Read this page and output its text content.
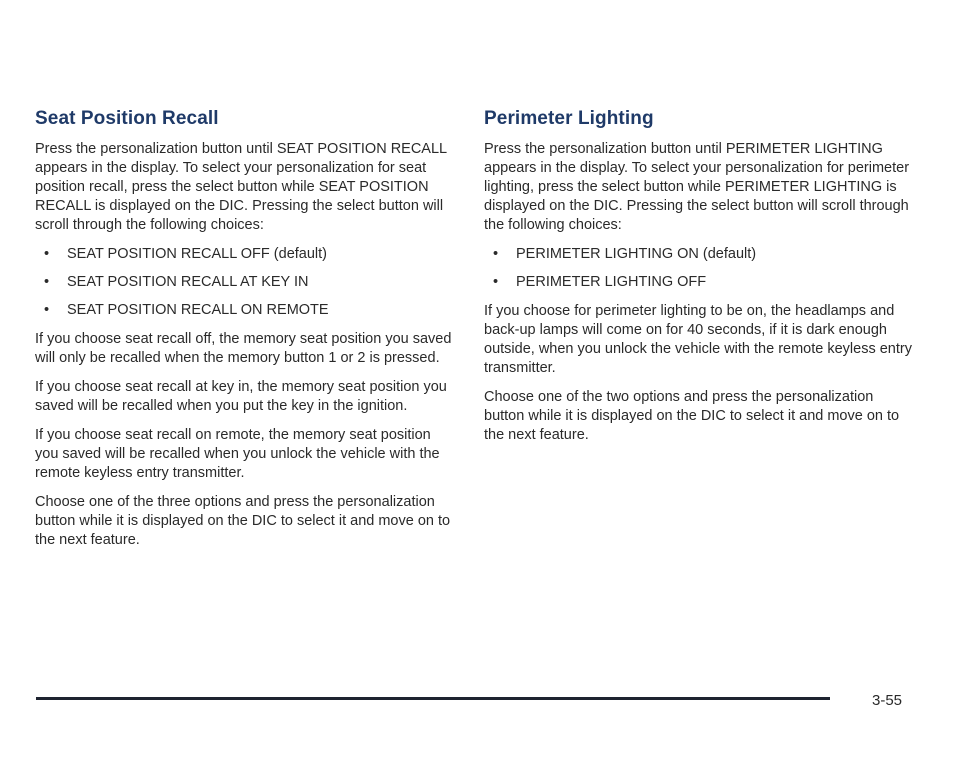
Seat Position Recall

Press the personalization button until SEAT POSITION RECALL appears in the display. To select your personalization for seat position recall, press the select button while SEAT POSITION RECALL is displayed on the DIC. Pressing the select button will scroll through the following choices:

• SEAT POSITION RECALL OFF (default)
• SEAT POSITION RECALL AT KEY IN
• SEAT POSITION RECALL ON REMOTE

If you choose seat recall off, the memory seat position you saved will only be recalled when the memory button 1 or 2 is pressed.

If you choose seat recall at key in, the memory seat position you saved will be recalled when you put the key in the ignition.

If you choose seat recall on remote, the memory seat position you saved will be recalled when you unlock the vehicle with the remote keyless entry transmitter.

Choose one of the three options and press the personalization button while it is displayed on the DIC to select it and move on to the next feature.

Perimeter Lighting

Press the personalization button until PERIMETER LIGHTING appears in the display. To select your personalization for perimeter lighting, press the select button while PERIMETER LIGHTING is displayed on the DIC. Pressing the select button will scroll through the following choices:

• PERIMETER LIGHTING ON (default)
• PERIMETER LIGHTING OFF

If you choose for perimeter lighting to be on, the headlamps and back-up lamps will come on for 40 seconds, if it is dark enough outside, when you unlock the vehicle with the remote keyless entry transmitter.

Choose one of the two options and press the personalization button while it is displayed on the DIC to select it and move on to the next feature.

3-55
